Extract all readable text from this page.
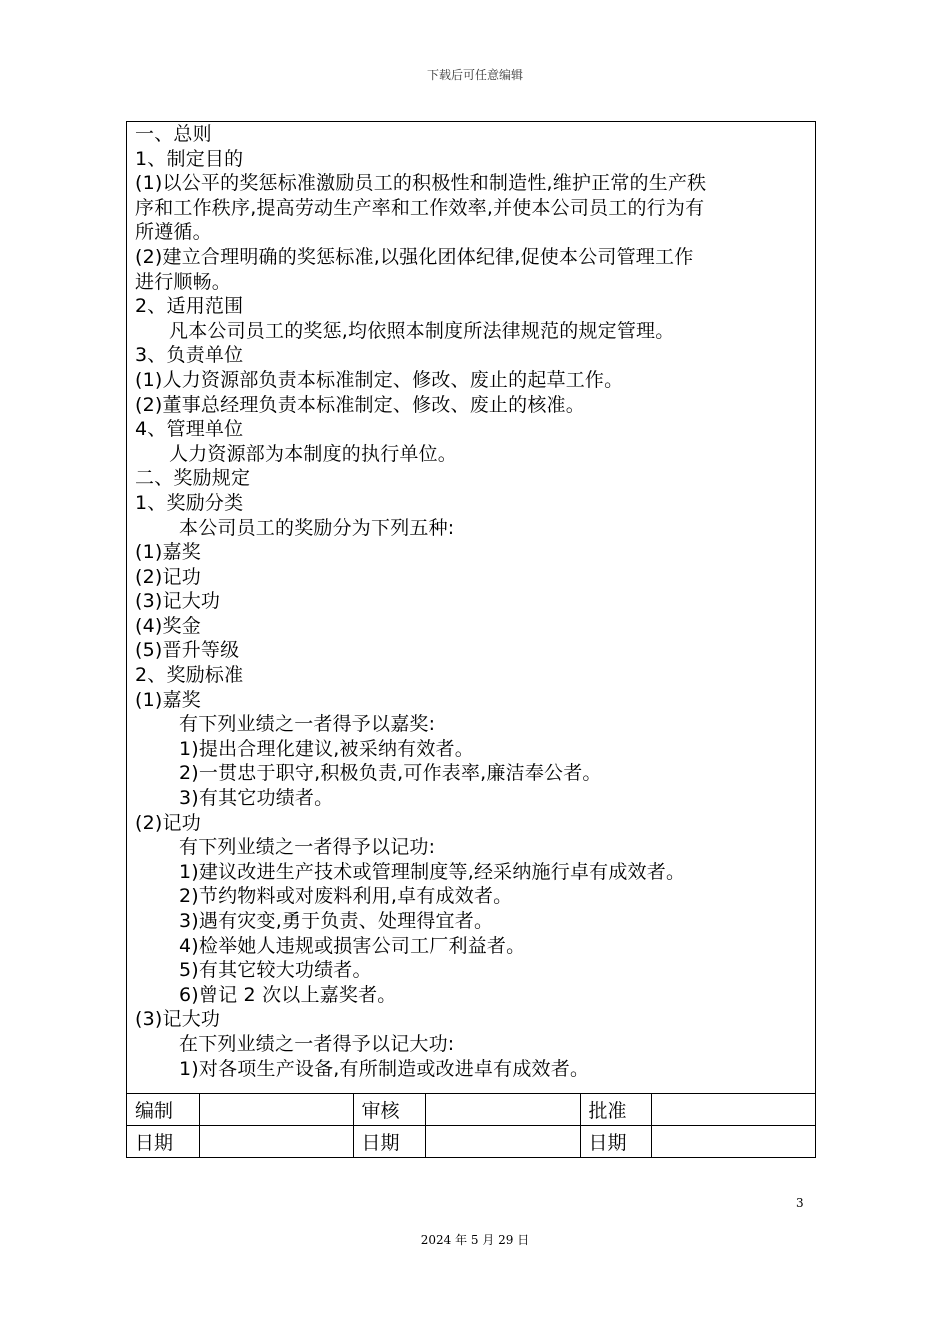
下载后可任意编辑
一、总则
1、制定目的
(1)以公平的奖惩标准激励员工的积极性和制造性,维护正常的生产秩
序和工作秩序,提高劳动生产率和工作效率,并使本公司员工的行为有
所遵循。
(2)建立合理明确的奖惩标准,以强化团体纪律,促使本公司管理工作
进行顺畅。
2、适用范围
凡本公司员工的奖惩,均依照本制度所法律规范的规定管理。
3、负责单位
(1)人力资源部负责本标准制定、修改、废止的起草工作。
(2)董事总经理负责本标准制定、修改、废止的核准。
4、管理单位
人力资源部为本制度的执行单位。
二、奖励规定
1、奖励分类
本公司员工的奖励分为下列五种:
(1)嘉奖
(2)记功
(3)记大功
(4)奖金
(5)晋升等级
2、奖励标准
(1)嘉奖
有下列业绩之一者得予以嘉奖:
1)提出合理化建议,被采纳有效者。
2)一贯忠于职守,积极负责,可作表率,廉洁奉公者。
3)有其它功绩者。
(2)记功
有下列业绩之一者得予以记功:
1)建议改进生产技术或管理制度等,经采纳施行卓有成效者。
2)节约物料或对废料利用,卓有成效者。
3)遇有灾变,勇于负责、处理得宜者。
4)检举她人违规或损害公司工厂利益者。
5)有其它较大功绩者。
6)曾记 2 次以上嘉奖者。
(3)记大功
在下列业绩之一者得予以记大功:
1)对各项生产设备,有所制造或改进卓有成效者。
编制		审核		批准	
日期		日期		日期	
3
2024 年 5 月 29 日
